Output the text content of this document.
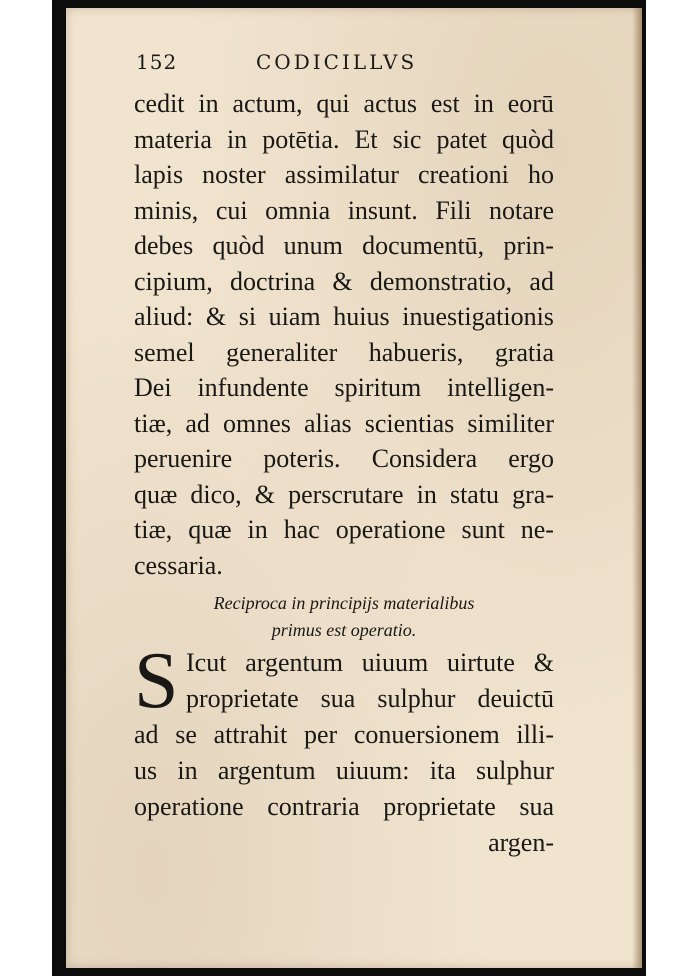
152	CODICILLVS
cedit in actum, qui actus est in eorū
materia in potētia. Et sic patet quòd
lapis noster assimilatur creationi ho
minis, cui omnia insunt. Fili notare
debes quòd unum documentū, prin-
cipium, doctrina & demonstratio, ad
aliud: & si uiam huius inuestigationis
semel generaliter habueris, gratia
Dei infundente spiritum intelligen-
tiæ, ad omnes alias scientias similiter
peruenire poteris. Considera ergo
quæ dico, & perscrutare in statu gra-
tiæ, quæ in hac operatione sunt ne-
cessaria.
Reciproca in principijs materialibus
primus est operatio.
S Icut argentum uiuum uirtute &
proprietate sua sulphur deuictū
ad se attrahit per conuersionem illi-
us in argentum uiuum: ita sulphur
operatione contraria proprietate sua
argen-
